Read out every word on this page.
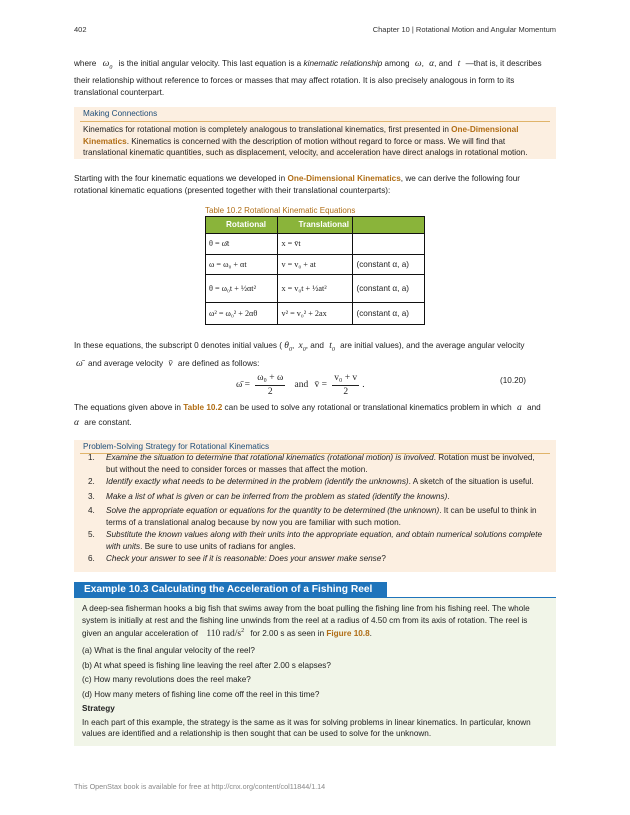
402	Chapter 10 | Rotational Motion and Angular Momentum

where $\omega_0$ is the initial angular velocity. This last equation is a kinematic relationship among ω, α, and t —that is, it describes

their relationship without reference to forces or masses that may affect rotation. It is also precisely analogous in form to its

translational counterpart.

Making Connections

Kinematics for rotational motion is completely analogous to translational kinematics, first presented in One-Dimensional

Kinematics. Kinematics is concerned with the description of motion without regard to force or mass. We will find that

translational kinematic quantities, such as displacement, velocity, and acceleration have direct analogs in rotational motion.

Starting with the four kinematic equations we developed in One-Dimensional Kinematics, we can derive the following four

rotational kinematic equations (presented together with their translational counterparts):

Table 10.2 Rotational Kinematic Equations
Rotational	Translational	
θ = ω̄t	x = v̄t	
ω = ω₀ + αt	v = v₀ + at	(constant α, a)
θ = ω₀t + ½αt²	x = v₀t + ½at²	(constant α, a)
ω² = ω₀² + 2αθ	v² = v₀² + 2ax	(constant α, a)

In these equations, the subscript 0 denotes initial values ( $\theta_0$, $x_0$, and $t_0$ are initial values), and the average angular velocity

ω̄ and average velocity v̄ are defined as follows:

ω̄ = $\frac{\text{ω₀ + ω}}{2}$ and v̄ = $\frac{\text{v₀ + v}}{2}$ .	(10.20)

The equations given above in Table 10.2 can be used to solve any rotational or translational kinematics problem in which a and

α are constant.

Problem-Solving Strategy for Rotational Kinematics
1.	Examine the situation to determine that rotational kinematics (rotational motion) is involved. Rotation must be involved, but without the need to consider forces or masses that affect the motion.
2.	Identify exactly what needs to be determined in the problem (identify the unknowns). A sketch of the situation is useful.
3.	Make a list of what is given or can be inferred from the problem as stated (identify the knowns).
4.	Solve the appropriate equation or equations for the quantity to be determined (the unknown). It can be useful to think in terms of a translational analog because by now you are familiar with such motion.
5.	Substitute the known values along with their units into the appropriate equation, and obtain numerical solutions complete with units. Be sure to use units of radians for angles.
6.	Check your answer to see if it is reasonable: Does your answer make sense?
Example 10.3 Calculating the Acceleration of a Fishing Reel
A deep-sea fisherman hooks a big fish that swims away from the boat pulling the fishing line from his fishing reel. The whole
system is initially at rest and the fishing line unwinds from the reel at a radius of 4.50 cm from its axis of rotation. The reel is
given an angular acceleration of 110 rad/$s^2$ for 2.00 s as seen in Figure 10.8.
(a) What is the final angular velocity of the reel?
(b) At what speed is fishing line leaving the reel after 2.00 s elapses?
(c) How many revolutions does the reel make?
(d) How many meters of fishing line come off the reel in this time?
Strategy
In each part of this example, the strategy is the same as it was for solving problems in linear kinematics. In particular, known
values are identified and a relationship is then sought that can be used to solve for the unknown.
This OpenStax book is available for free at http://cnx.org/content/col11844/1.14
